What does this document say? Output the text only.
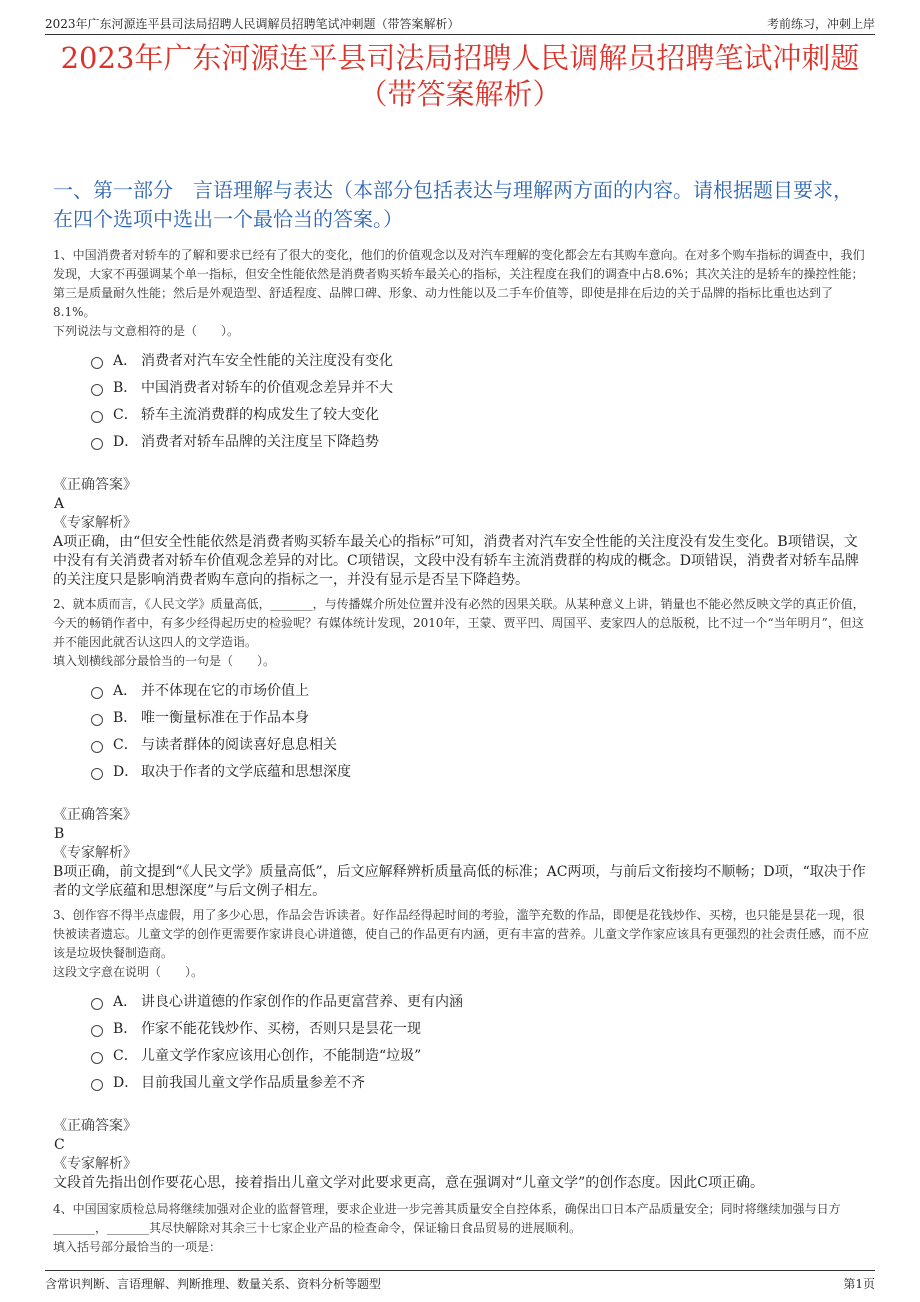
2023年广东河源连平县司法局招聘人民调解员招聘笔试冲刺题（带答案解析）	考前练习，冲刺上岸
2023年广东河源连平县司法局招聘人民调解员招聘笔试冲刺题
（带答案解析）
一、第一部分　言语理解与表达（本部分包括表达与理解两方面的内容。请根据题目要求，在四个选项中选出一个最恰当的答案。）
1、中国消费者对轿车的了解和要求已经有了很大的变化，他们的价值观念以及对汽车理解的变化都会左右其购车意向。在对多个购车指标的调查中，我们发现，大家不再强调某个单一指标，但安全性能依然是消费者购买轿车最关心的指标，关注程度在我们的调查中占8.6%；其次关注的是轿车的操控性能；第三是质量耐久性能；然后是外观造型、舒适程度、品牌口碑、形象、动力性能以及二手车价值等，即使是排在后边的关于品牌的指标比重也达到了8.1%。
下列说法与文意相符的是（　　）。
A． 消费者对汽车安全性能的关注度没有变化
B． 中国消费者对轿车的价值观念差异并不大
C． 轿车主流消费群的构成发生了较大变化
D． 消费者对轿车品牌的关注度呈下降趋势
《正确答案》
A
《专家解析》
A项正确，由“但安全性能依然是消费者购买轿车最关心的指标”可知，消费者对汽车安全性能的关注度没有发生变化。B项错误，文中没有有关消费者对轿车价值观念差异的对比。C项错误，文段中没有轿车主流消费群的构成的概念。D项错误，消费者对轿车品牌的关注度只是影响消费者购车意向的指标之一，并没有显示是否呈下降趋势。
2、就本质而言，《人民文学》质量高低，_______，与传播媒介所处位置并没有必然的因果关联。从某种意义上讲，销量也不能必然反映文学的真正价值，今天的畅销作者中，有多少经得起历史的检验呢？有媒体统计发现，2010年，王蒙、贾平凹、周国平、麦家四人的总版税，比不过一个“当年明月”，但这并不能因此就否认这四人的文学造诣。
填入划横线部分最恰当的一句是（　　）。
A． 并不体现在它的市场价值上
B． 唯一衡量标准在于作品本身
C． 与读者群体的阅读喜好息息相关
D． 取决于作者的文学底蕴和思想深度
《正确答案》
B
《专家解析》
B项正确，前文提到“《人民文学》质量高低”，后文应解释辨析质量高低的标准；AC两项，与前后文衔接均不顺畅；D项，“取决于作者的文学底蕴和思想深度”与后文例子相左。
3、创作容不得半点虚假，用了多少心思，作品会告诉读者。好作品经得起时间的考验，滥竽充数的作品，即便是花钱炒作、买榜，也只能是昙花一现，很快被读者遗忘。儿童文学的创作更需要作家讲良心讲道德，使自己的作品更有内涵，更有丰富的营养。儿童文学作家应该具有更强烈的社会责任感，而不应该是垃圾快餐制造商。
这段文字意在说明（　　）。
A． 讲良心讲道德的作家创作的作品更富营养、更有内涵
B． 作家不能花钱炒作、买榜，否则只是昙花一现
C． 儿童文学作家应该用心创作，不能制造“垃圾”
D． 目前我国儿童文学作品质量参差不齐
《正确答案》
C
《专家解析》
文段首先指出创作要花心思，接着指出儿童文学对此要求更高，意在强调对“儿童文学”的创作态度。因此C项正确。
4、中国国家质检总局将继续加强对企业的监督管理，要求企业进一步完善其质量安全自控体系，确保出口日本产品质量安全；同时将继续加强与日方_______，_______其尽快解除对其余三十七家企业产品的检查命令，保证输日食品贸易的进展顺利。
填入括号部分最恰当的一项是：
含常识判断、言语理解、判断推理、数量关系、资料分析等题型	第1页
